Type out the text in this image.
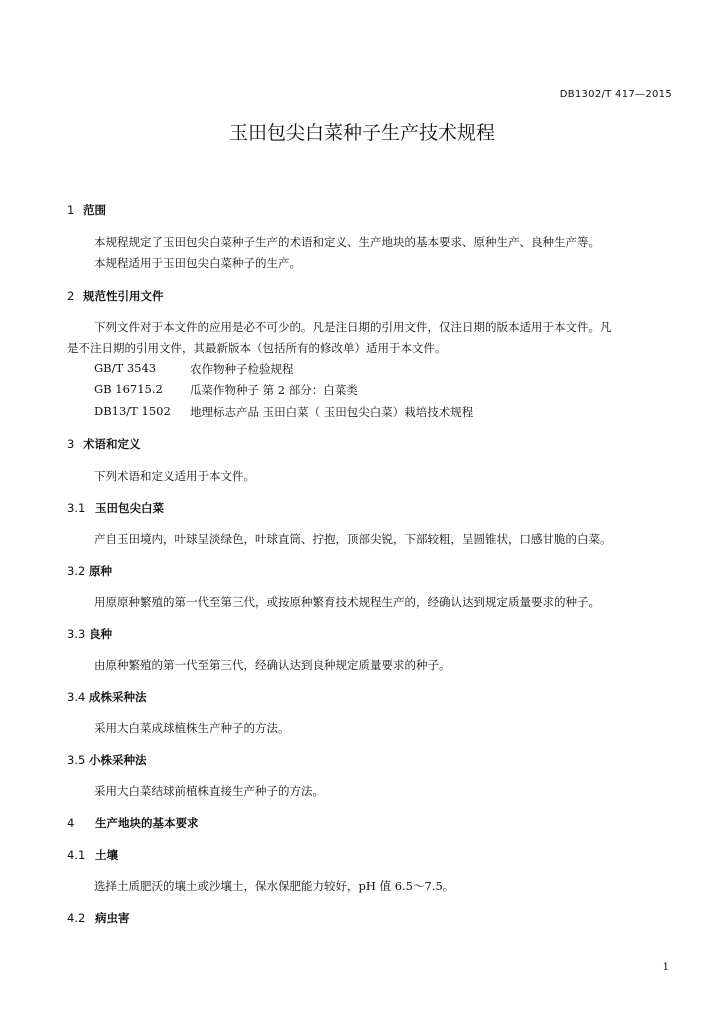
DB1302/T 417—2015
玉田包尖白菜种子生产技术规程
1 范围
本规程规定了玉田包尖白菜种子生产的术语和定义、生产地块的基本要求、原种生产、良种生产等。
本规程适用于玉田包尖白菜种子的生产。
2 规范性引用文件
下列文件对于本文件的应用是必不可少的。凡是注日期的引用文件，仅注日期的版本适用于本文件。凡
是不注日期的引用文件，其最新版本（包括所有的修改单）适用于本文件。
GB/T 3543	农作物种子检验规程
GB 16715.2 瓜菜作物种子 第 2 部分：白菜类
DB13/T 1502 地理标志产品 玉田白菜（ 玉田包尖白菜）栽培技术规程
3 术语和定义
下列术语和定义适用于本文件。
3.1 玉田包尖白菜
产自玉田境内，叶球呈淡绿色，叶球直筒、拧抱，顶部尖锐，下部较粗，呈圆锥状，口感甘脆的白菜。
3.2 原种
用原原种繁殖的第一代至第三代，或按原种繁育技术规程生产的，经确认达到规定质量要求的种子。
3.3 良种
由原种繁殖的第一代至第三代，经确认达到良种规定质量要求的种子。
3.4 成株采种法
采用大白菜成球植株生产种子的方法。
3.5 小株采种法
采用大白菜结球前植株直接生产种子的方法。
4 生产地块的基本要求
4.1 土壤
选择土质肥沃的壤土或沙壤土，保水保肥能力较好，pH 值 6.5～7.5。
4.2 病虫害
1
